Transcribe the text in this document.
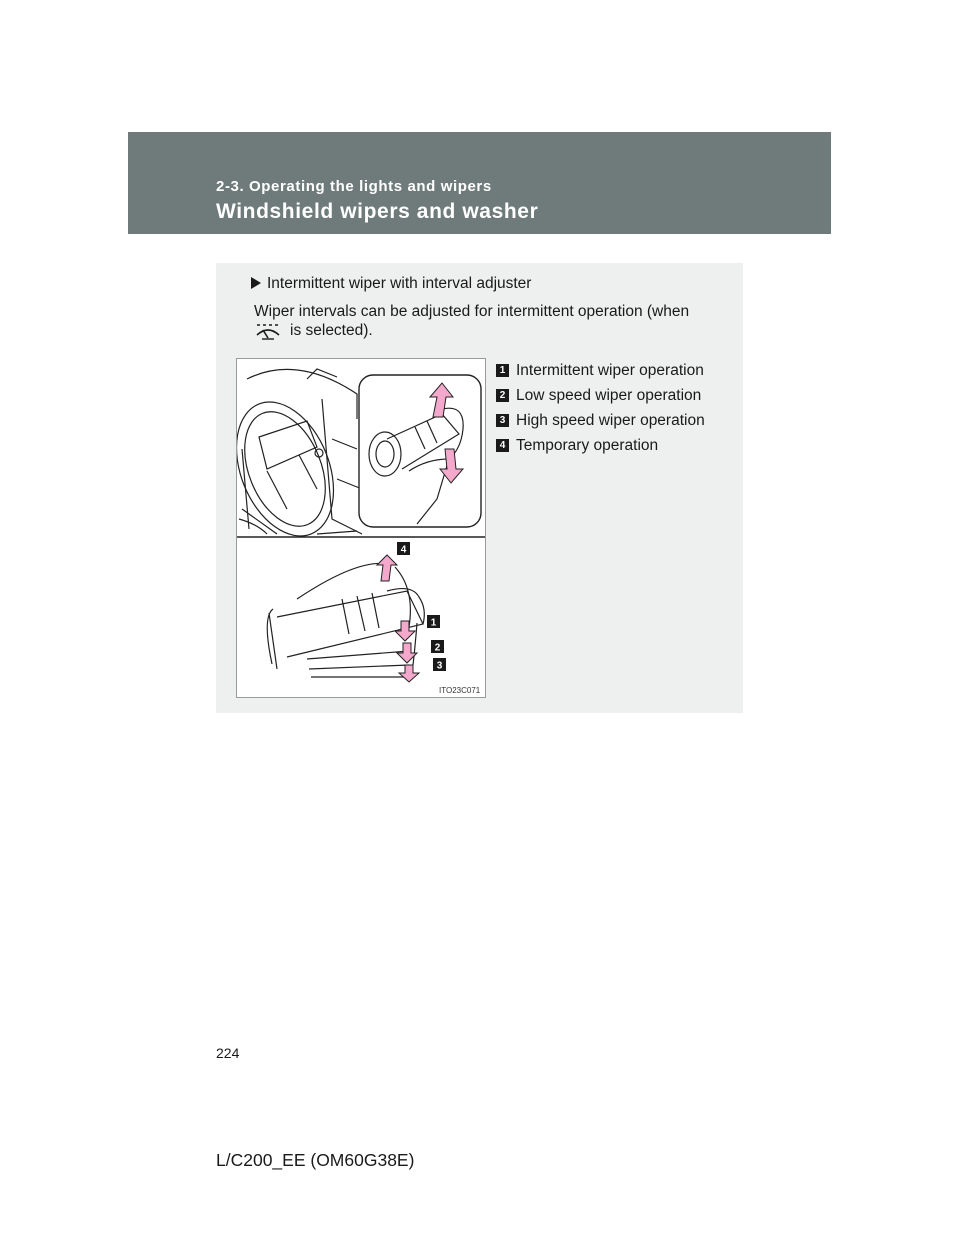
2-3. Operating the lights and wipers
Windshield wipers and washer
Intermittent wiper with interval adjuster
Wiper intervals can be adjusted for intermittent operation (when
is selected).
4
1
2
3
ITO23C071
1 Intermittent wiper operation
2 Low speed wiper operation
3 High speed wiper operation
4 Temporary operation
224
L/C200_EE (OM60G38E)
